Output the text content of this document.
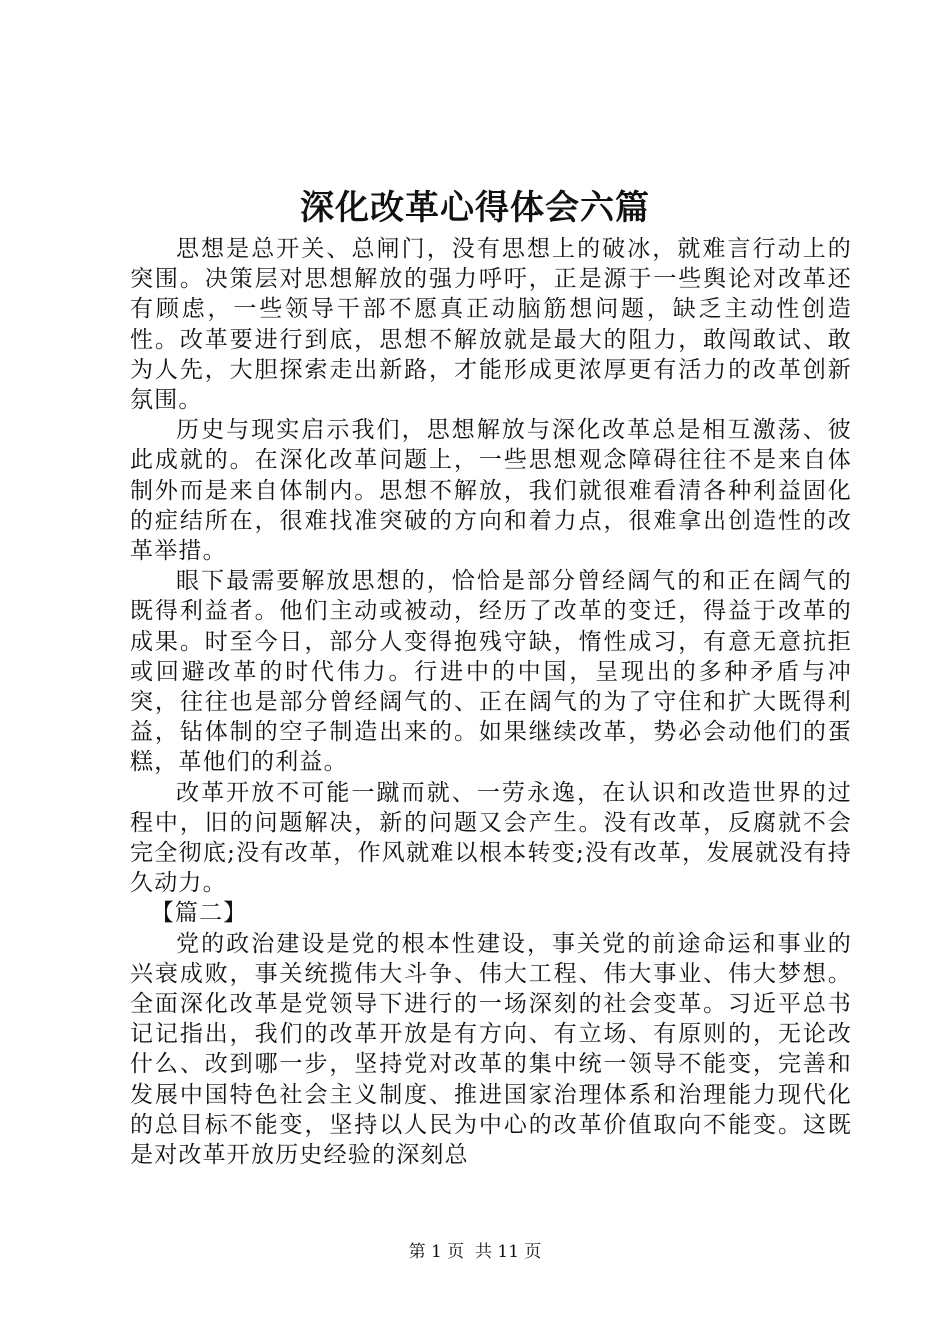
深化改革心得体会六篇

思想是总开关、总闸门，没有思想上的破冰，就难言行动上的突围。决策层对思想解放的强力呼吁，正是源于一些舆论对改革还有顾虑，一些领导干部不愿真正动脑筋想问题，缺乏主动性创造性。改革要进行到底，思想不解放就是最大的阻力，敢闯敢试、敢为人先，大胆探索走出新路，才能形成更浓厚更有活力的改革创新氛围。

历史与现实启示我们，思想解放与深化改革总是相互激荡、彼此成就的。在深化改革问题上，一些思想观念障碍往往不是来自体制外而是来自体制内。思想不解放，我们就很难看清各种利益固化的症结所在，很难找准突破的方向和着力点，很难拿出创造性的改革举措。

眼下最需要解放思想的，恰恰是部分曾经阔气的和正在阔气的既得利益者。他们主动或被动，经历了改革的变迁，得益于改革的成果。时至今日，部分人变得抱残守缺，惰性成习，有意无意抗拒或回避改革的时代伟力。行进中的中国，呈现出的多种矛盾与冲突，往往也是部分曾经阔气的、正在阔气的为了守住和扩大既得利益，钻体制的空子制造出来的。如果继续改革，势必会动他们的蛋糕，革他们的利益。

改革开放不可能一蹴而就、一劳永逸，在认识和改造世界的过程中，旧的问题解决，新的问题又会产生。没有改革，反腐就不会完全彻底;没有改革，作风就难以根本转变;没有改革，发展就没有持久动力。

【篇二】

党的政治建设是党的根本性建设，事关党的前途命运和事业的兴衰成败，事关统揽伟大斗争、伟大工程、伟大事业、伟大梦想。全面深化改革是党领导下进行的一场深刻的社会变革。习近平总书记记指出，我们的改革开放是有方向、有立场、有原则的，无论改什么、改到哪一步，坚持党对改革的集中统一领导不能变，完善和发展中国特色社会主义制度、推进国家治理体系和治理能力现代化的总目标不能变，坚持以人民为中心的改革价值取向不能变。这既是对改革开放历史经验的深刻总

第 1 页  共 11 页
